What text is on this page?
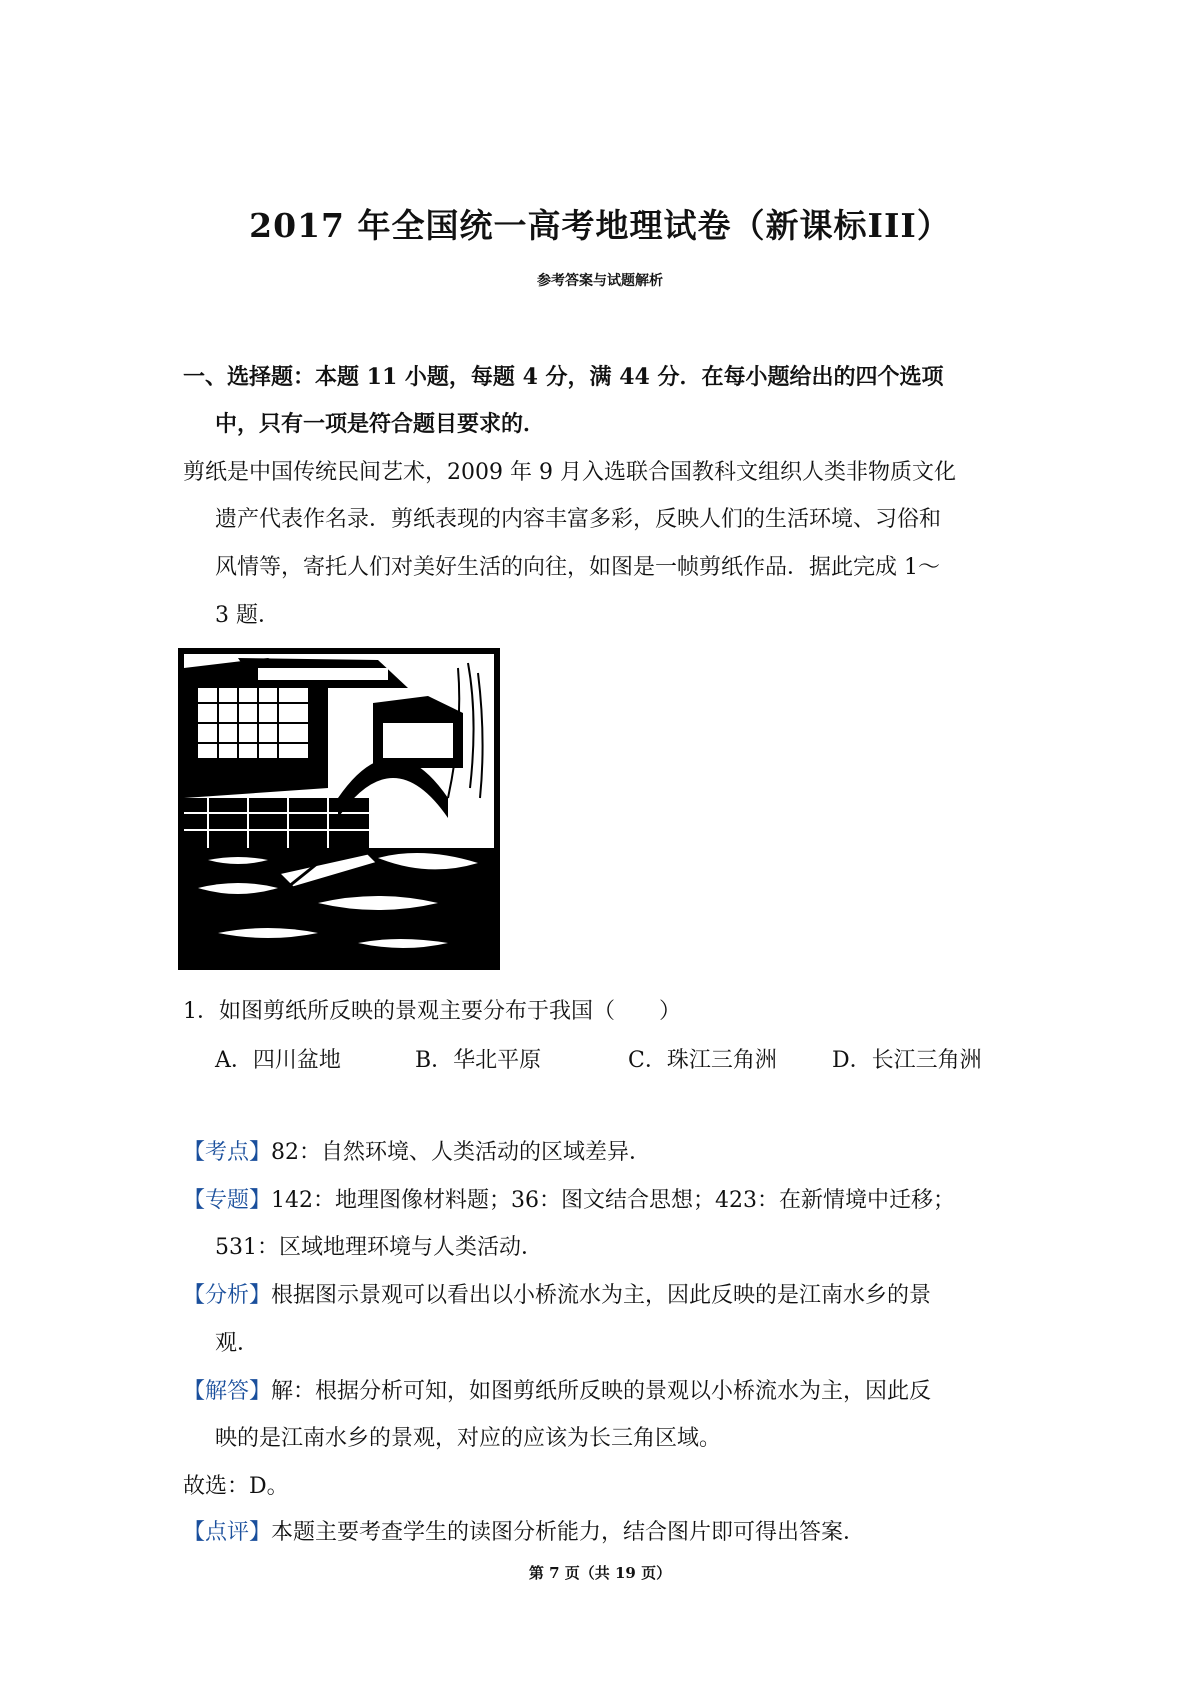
2017 年全国统一高考地理试卷（新课标III）
参考答案与试题解析
一、选择题：本题 11 小题，每题 4 分，满 44 分．在每小题给出的四个选项
中，只有一项是符合题目要求的．
剪纸是中国传统民间艺术，2009 年 9 月入选联合国教科文组织人类非物质文化
遗产代表作名录．剪纸表现的内容丰富多彩，反映人们的生活环境、习俗和
风情等，寄托人们对美好生活的向往，如图是一帧剪纸作品．据此完成 1～
3 题．
1．如图剪纸所反映的景观主要分布于我国（　　）
A．四川盆地	B．华北平原	C．珠江三角洲	D．长江三角洲
【考点】82：自然环境、人类活动的区域差异．
【专题】142：地理图像材料题；36：图文结合思想；423：在新情境中迁移；
531：区域地理环境与人类活动．
【分析】根据图示景观可以看出以小桥流水为主，因此反映的是江南水乡的景
观．
【解答】解：根据分析可知，如图剪纸所反映的景观以小桥流水为主，因此反
映的是江南水乡的景观，对应的应该为长三角区域。
故选：D。
【点评】本题主要考查学生的读图分析能力，结合图片即可得出答案．
第 7 页（共 19 页）
